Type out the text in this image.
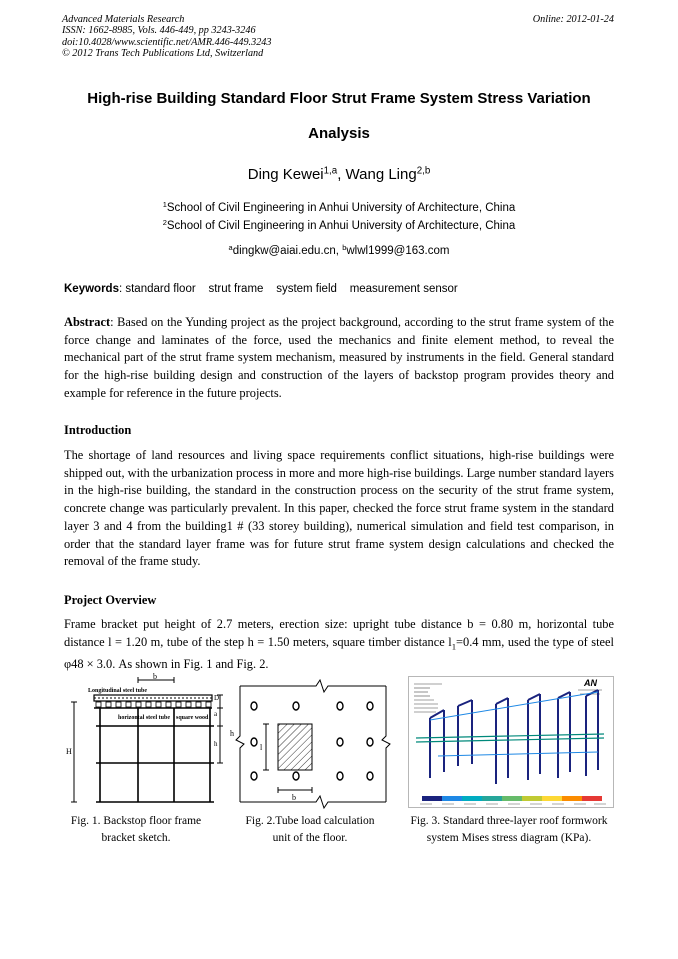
Advanced Materials Research
ISSN: 1662-8985, Vols. 446-449, pp 3243-3246
doi:10.4028/www.scientific.net/AMR.446-449.3243
© 2012 Trans Tech Publications Ltd, Switzerland
Online: 2012-01-24
High-rise Building Standard Floor Strut Frame System Stress Variation
Analysis
Ding Kewei$^{1,a}$, Wang Ling$^{2,b}$
$^1$School of Civil Engineering in Anhui University of Architecture, China
$^2$School of Civil Engineering in Anhui University of Architecture, China
$^a$dingkw@aiai.edu.cn, $^b$wlwl1999@163.com
Keywords: standard floor    strut frame    system field    measurement sensor
Abstract: Based on the Yunding project as the project background, according to the strut frame system of the force change and laminates of the force, used the mechanics and finite element method, to reveal the mechanical part of the strut frame system mechanism, measured by instruments in the field. General standard for the high-rise building design and construction of the layers of backstop program provides theory and example for reference in the future projects.
Introduction
The shortage of land resources and living space requirements conflict situations, high-rise buildings were shipped out, with the urbanization process in more and more high-rise buildings. Large number standard layers in the high-rise building, the standard in the construction process on the security of the strut frame system, concrete change was particularly prevalent. In this paper, checked the force strut frame system in the standard layer 3 and 4 from the building1 # (33 storey building), numerical simulation and field test comparison, in order that the standard layer frame was for future strut frame system design calculations and checked the removal of the frame study.
Project Overview
Frame bracket put height of 2.7 meters, erection size: upright tube distance b = 0.80 m, horizontal tube distance l = 1.20 m, tube of the step h = 1.50 meters, square timber distance $l_1=0.4$ mm, used the type of steel φ48 × 3.0. As shown in Fig. 1 and Fig. 2.
b
Longitudinal steel tube
horizontal steel tube square wood
D
a
h
H
h
l
b
AN
Fig. 1. Backstop floor frame
bracket sketch.
Fig. 2.Tube load calculation
unit of the floor.
Fig. 3. Standard three-layer roof formwork
system Mises stress diagram (KPa).
